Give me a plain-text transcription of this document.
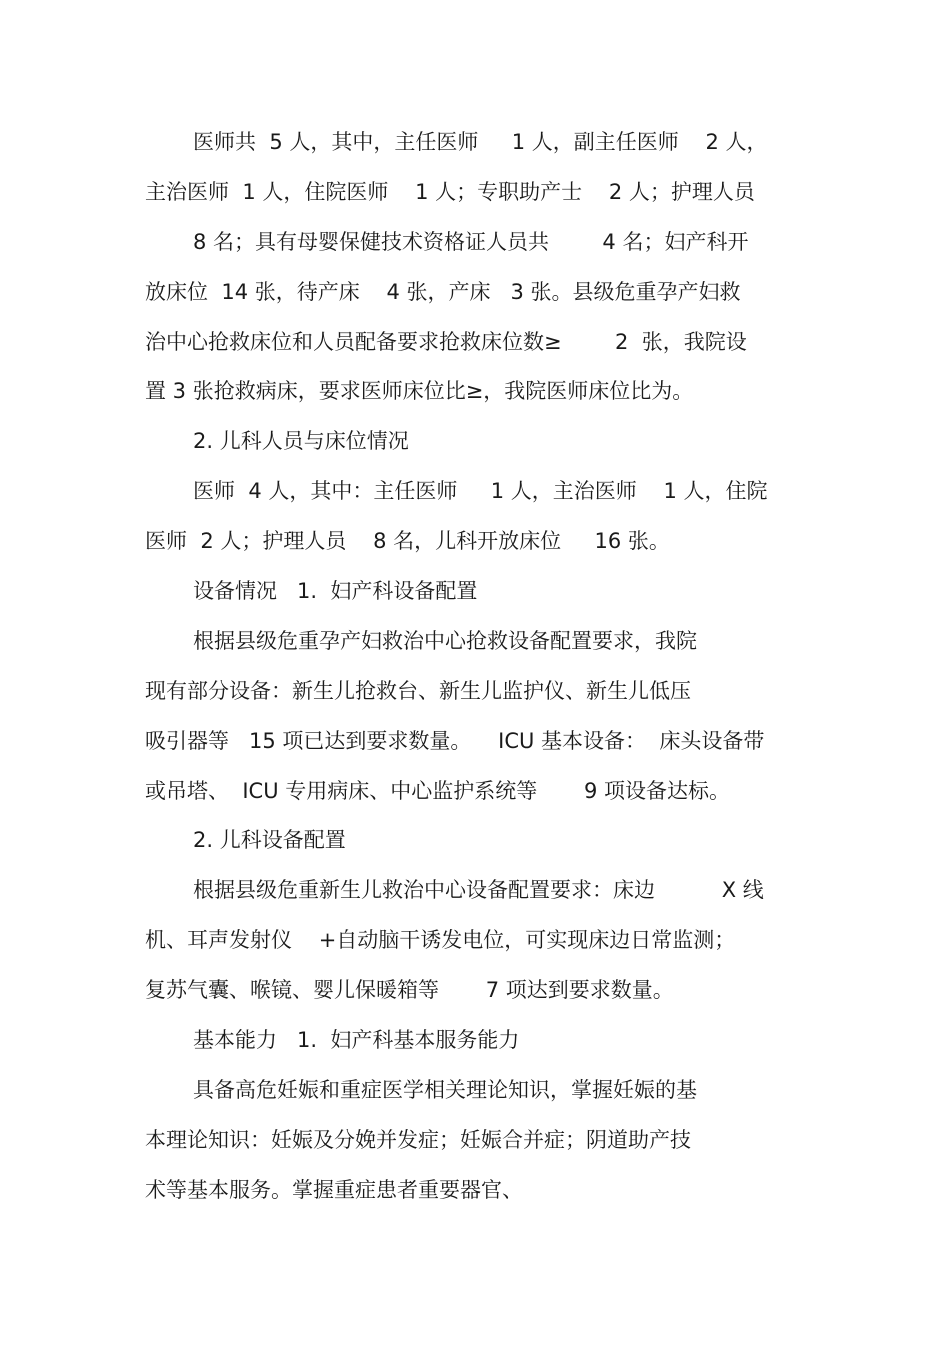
医师共  5 人，其中，主任医师     1 人，副主任医师    2 人，
主治医师  1 人，住院医师    1 人；专职助产士    2 人；护理人员
8 名；具有母婴保健技术资格证人员共        4 名；妇产科开
放床位  14 张，待产床    4 张，产床   3 张。县级危重孕产妇救
治中心抢救床位和人员配备要求抢救床位数≥        2  张，我院设
置 3 张抢救病床，要求医师床位比≥，我院医师床位比为。
2. 儿科人员与床位情况
医师  4 人，其中：主任医师     1 人，主治医师    1 人，住院
医师  2 人；护理人员    8 名，儿科开放床位     16 张。
设备情况   1.  妇产科设备配置
根据县级危重孕产妇救治中心抢救设备配置要求，我院
现有部分设备：新生儿抢救台、新生儿监护仪、新生儿低压
吸引器等   15 项已达到要求数量。    ICU 基本设备：  床头设备带
或吊塔、  ICU 专用病床、中心监护系统等       9 项设备达标。
2. 儿科设备配置
根据县级危重新生儿救治中心设备配置要求：床边          X 线
机、耳声发射仪    +自动脑干诱发电位，可实现床边日常监测；
复苏气囊、喉镜、婴儿保暖箱等       7 项达到要求数量。
基本能力   1.  妇产科基本服务能力
具备高危妊娠和重症医学相关理论知识，掌握妊娠的基
本理论知识：妊娠及分娩并发症；妊娠合并症；阴道助产技
术等基本服务。掌握重症患者重要器官、
